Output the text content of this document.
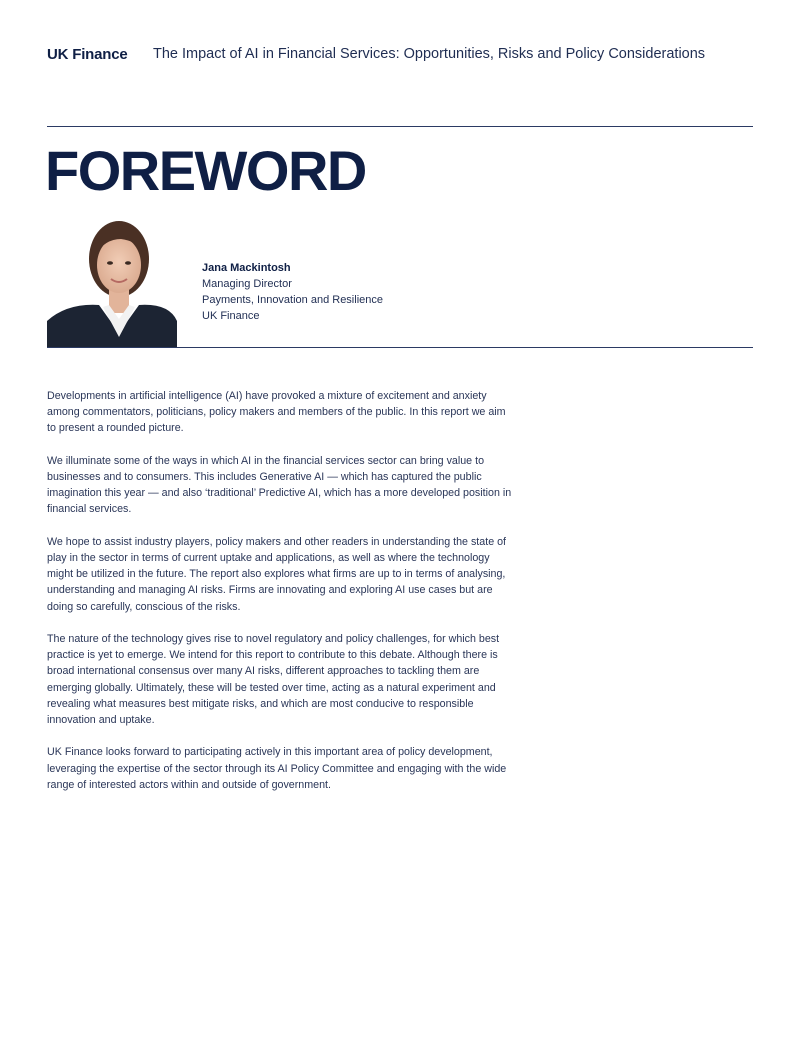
UK Finance	The Impact of AI in Financial Services: Opportunities, Risks and Policy Considerations
FOREWORD
Jana Mackintosh
Managing Director
Payments, Innovation and Resilience
UK Finance

Developments in artificial intelligence (AI) have provoked a mixture of excitement and anxiety among commentators, politicians, policy makers and members of the public. In this report we aim to present a rounded picture.

We illuminate some of the ways in which AI in the financial services sector can bring value to businesses and to consumers. This includes Generative AI — which has captured the public imagination this year — and also ‘traditional’ Predictive AI, which has a more developed position in financial services.

We hope to assist industry players, policy makers and other readers in understanding the state of play in the sector in terms of current uptake and applications, as well as where the technology might be utilized in the future. The report also explores what firms are up to in terms of analysing, understanding and managing AI risks. Firms are innovating and exploring AI use cases but are doing so carefully, conscious of the risks.

The nature of the technology gives rise to novel regulatory and policy challenges, for which best practice is yet to emerge. We intend for this report to contribute to this debate. Although there is broad international consensus over many AI risks, different approaches to tackling them are emerging globally. Ultimately, these will be tested over time, acting as a natural experiment and revealing what measures best mitigate risks, and which are most conducive to responsible innovation and uptake.

UK Finance looks forward to participating actively in this important area of policy development, leveraging the expertise of the sector through its AI Policy Committee and engaging with the wide range of interested actors within and outside of government.
